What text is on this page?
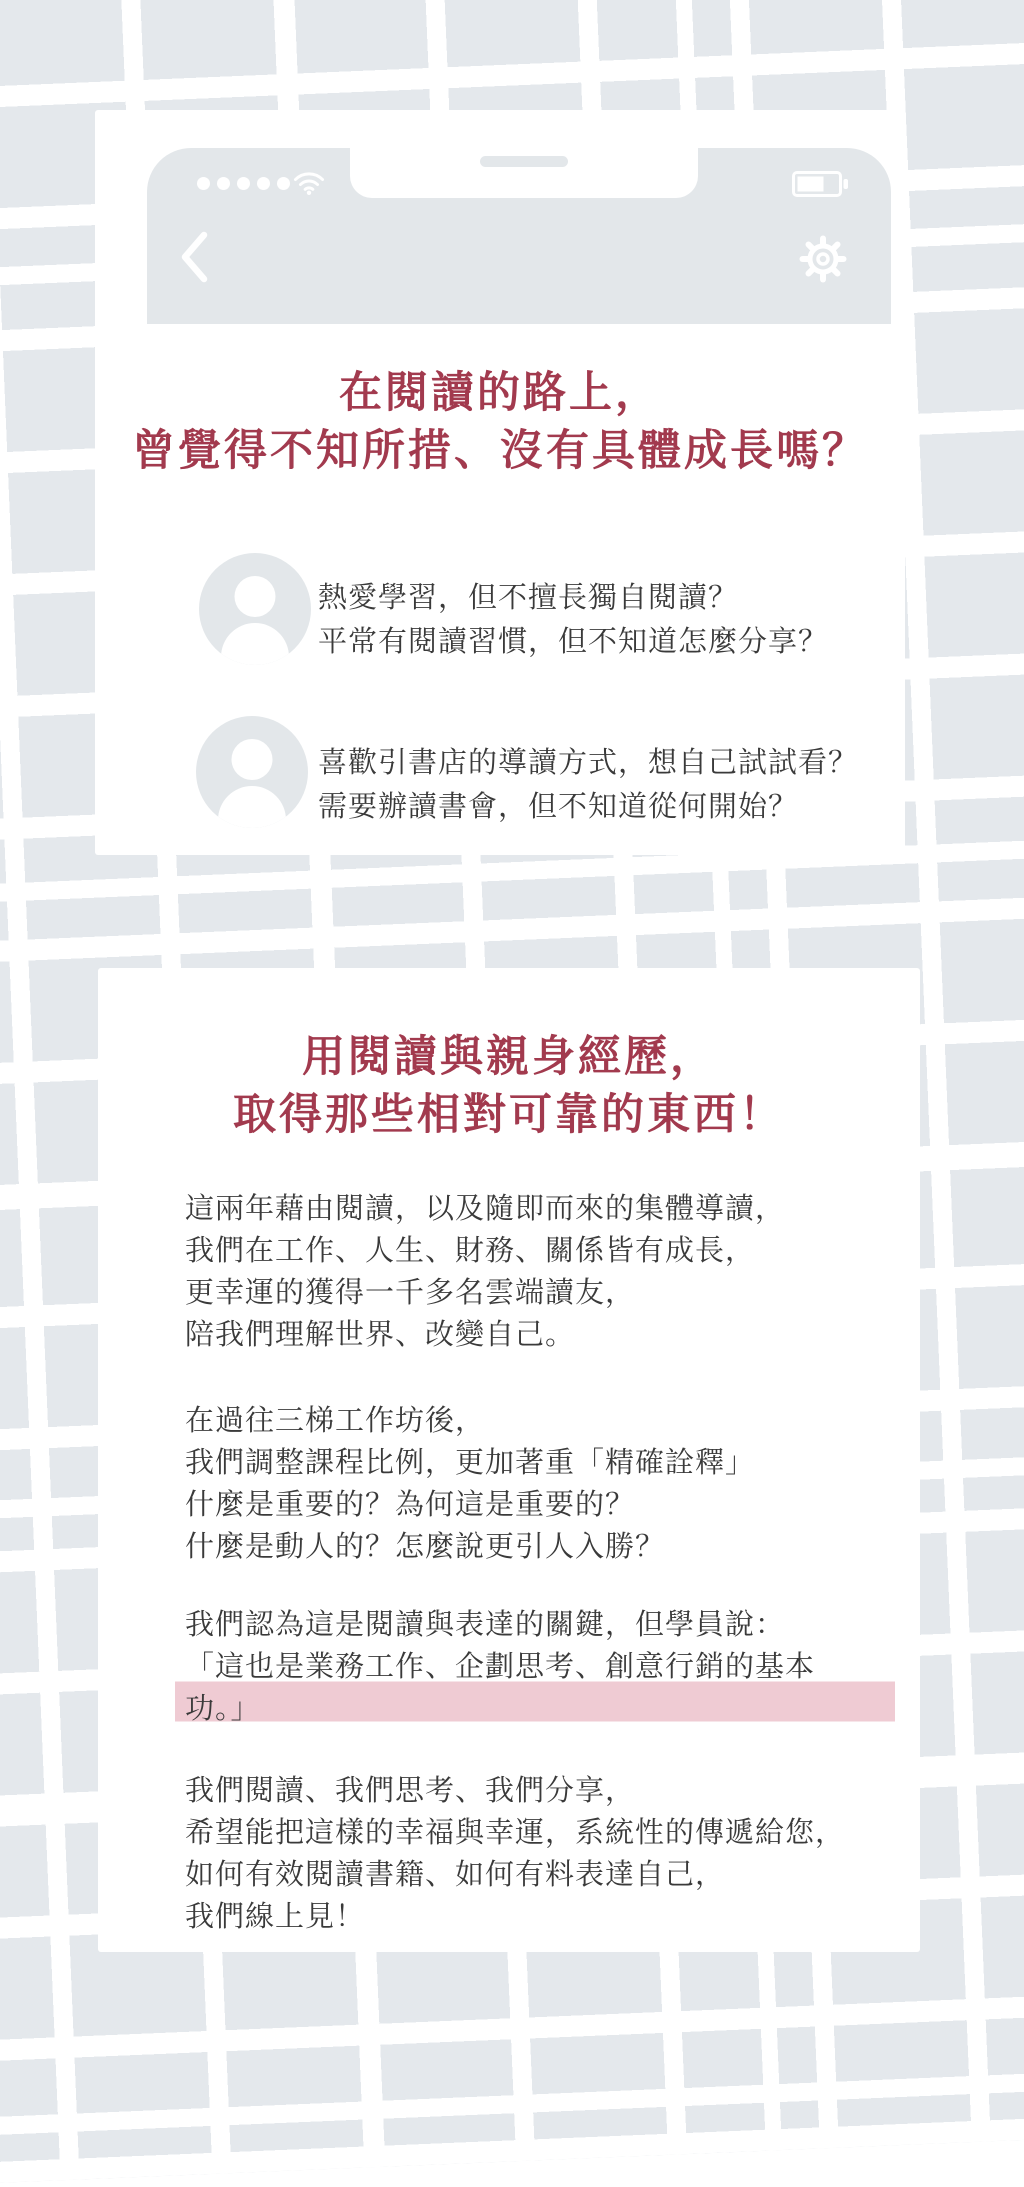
在閱讀的路上，
曾覺得不知所措、沒有具體成長嗎？
熱愛學習，但不擅長獨自閱讀？
平常有閱讀習慣，但不知道怎麼分享？
喜歡引書店的導讀方式，想自己試試看？
需要辦讀書會，但不知道從何開始？
用閱讀與親身經歷，
取得那些相對可靠的東西！

這兩年藉由閱讀，以及隨即而來的集體導讀，
我們在工作、人生、財務、關係皆有成長，
更幸運的獲得一千多名雲端讀友，
陪我們理解世界、改變自己。

在過往三梯工作坊後，
我們調整課程比例，更加著重「精確詮釋」
什麼是重要的？為何這是重要的？
什麼是動人的？怎麼說更引人入勝？

我們認為這是閱讀與表達的關鍵，但學員說：
「這也是業務工作、企劃思考、創意行銷的基本功。」

我們閱讀、我們思考、我們分享，
希望能把這樣的幸福與幸運，系統性的傳遞給您，
如何有效閱讀書籍、如何有料表達自己，
我們線上見！
